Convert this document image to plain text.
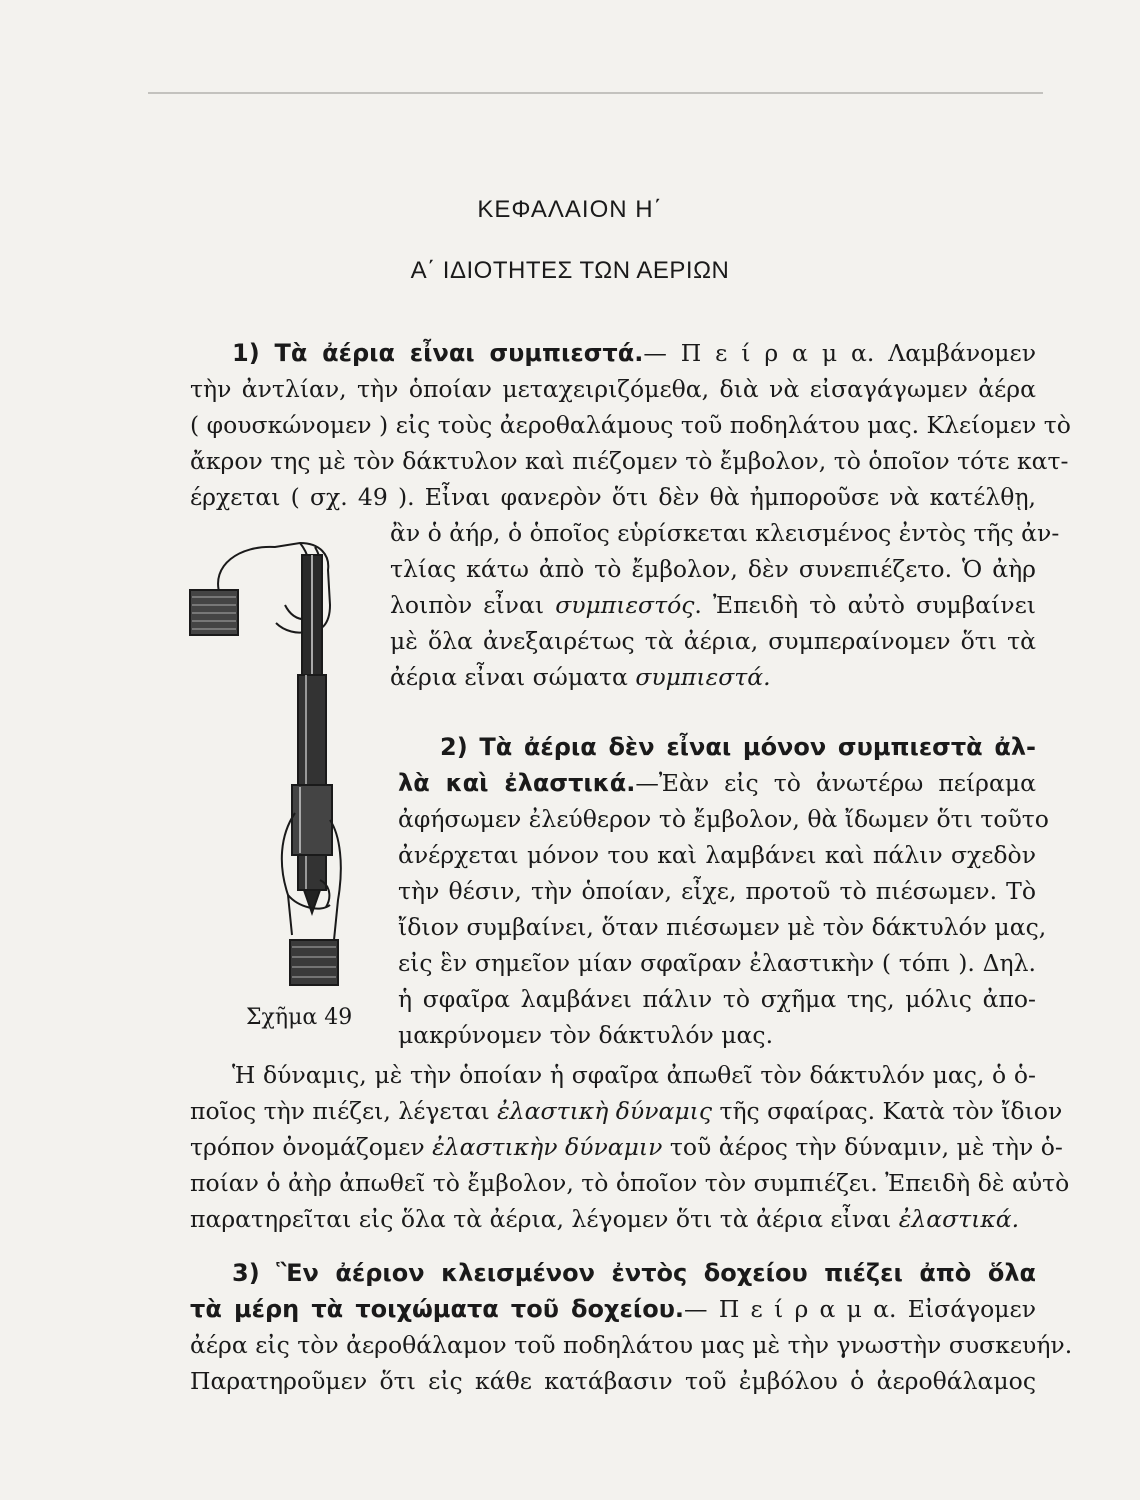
ΚΕΦΑΛΑΙΟΝ Η΄
Α΄ ΙΔΙΟΤΗΤΕΣ ΤΩΝ ΑΕΡΙΩΝ
1) Τὰ ἀέρια εἶναι συμπιεστά.— Π ε ί ρ α μ α. Λαμβάνομεν
τὴν ἀντλίαν, τὴν ὁποίαν μεταχειριζόμεθα, διὰ νὰ εἰσαγάγωμεν ἀέρα
( φουσκώνομεν ) εἰς τοὺς ἀεροθαλάμους τοῦ ποδηλάτου μας. Κλείομεν τὸ
ἄκρον της μὲ τὸν δάκτυλον καὶ πιέζομεν τὸ ἔμβολον, τὸ ὁποῖον τότε κατ-
έρχεται ( σχ. 49 ). Εἶναι φανερὸν ὅτι δὲν θὰ ἠμποροῦσε νὰ κατέλθῃ,
ἂν ὁ ἀήρ, ὁ ὁποῖος εὑρίσκεται κλεισμένος ἐντὸς τῆς ἀν-
τλίας κάτω ἀπὸ τὸ ἔμβολον, δὲν συνεπιέζετο. Ὁ ἀὴρ
λοιπὸν εἶναι συμπιεστός. Ἐπειδὴ τὸ αὐτὸ συμβαίνει
μὲ ὅλα ἀνεξαιρέτως τὰ ἀέρια, συμπεραίνομεν ὅτι τὰ
ἀέρια εἶναι σώματα συμπιεστά.
Σχῆμα 49
2) Τὰ ἀέρια δὲν εἶναι μόνον συμπιεστὰ ἀλ-
λὰ καὶ ἐλαστικά.—Ἐὰν εἰς τὸ ἀνωτέρω πείραμα
ἀφήσωμεν ἐλεύθερον τὸ ἔμβολον, θὰ ἴδωμεν ὅτι τοῦτο
ἀνέρχεται μόνον του καὶ λαμβάνει καὶ πάλιν σχεδὸν
τὴν θέσιν, τὴν ὁποίαν, εἶχε, προτοῦ τὸ πιέσωμεν. Τὸ
ἴδιον συμβαίνει, ὅταν πιέσωμεν μὲ τὸν δάκτυλόν μας,
εἰς ἓν σημεῖον μίαν σφαῖραν ἐλαστικὴν ( τόπι ). Δηλ.
ἡ σφαῖρα λαμβάνει πάλιν τὸ σχῆμα της, μόλις ἀπο-
μακρύνομεν τὸν δάκτυλόν μας.
Ἡ δύναμις, μὲ τὴν ὁποίαν ἡ σφαῖρα ἀπωθεῖ τὸν δάκτυλόν μας, ὁ ὁ-
ποῖος τὴν πιέζει, λέγεται ἐλαστικὴ δύναμις τῆς σφαίρας. Κατὰ τὸν ἴδιον
τρόπον ὀνομάζομεν ἐλαστικὴν δύναμιν τοῦ ἀέρος τὴν δύναμιν, μὲ τὴν ὁ-
ποίαν ὁ ἀὴρ ἀπωθεῖ τὸ ἔμβολον, τὸ ὁποῖον τὸν συμπιέζει. Ἐπειδὴ δὲ αὐτὸ
παρατηρεῖται εἰς ὅλα τὰ ἀέρια, λέγομεν ὅτι τὰ ἀέρια εἶναι ἐλαστικά.
3) Ἓν ἀέριον κλεισμένον ἐντὸς δοχείου πιέζει ἀπὸ ὅλα
τὰ μέρη τὰ τοιχώματα τοῦ δοχείου.— Π ε ί ρ α μ α. Εἰσάγομεν
ἀέρα εἰς τὸν ἀεροθάλαμον τοῦ ποδηλάτου μας μὲ τὴν γνωστὴν συσκευήν.
Παρατηροῦμεν ὅτι εἰς κάθε κατάβασιν τοῦ ἐμβόλου ὁ ἀεροθάλαμος
